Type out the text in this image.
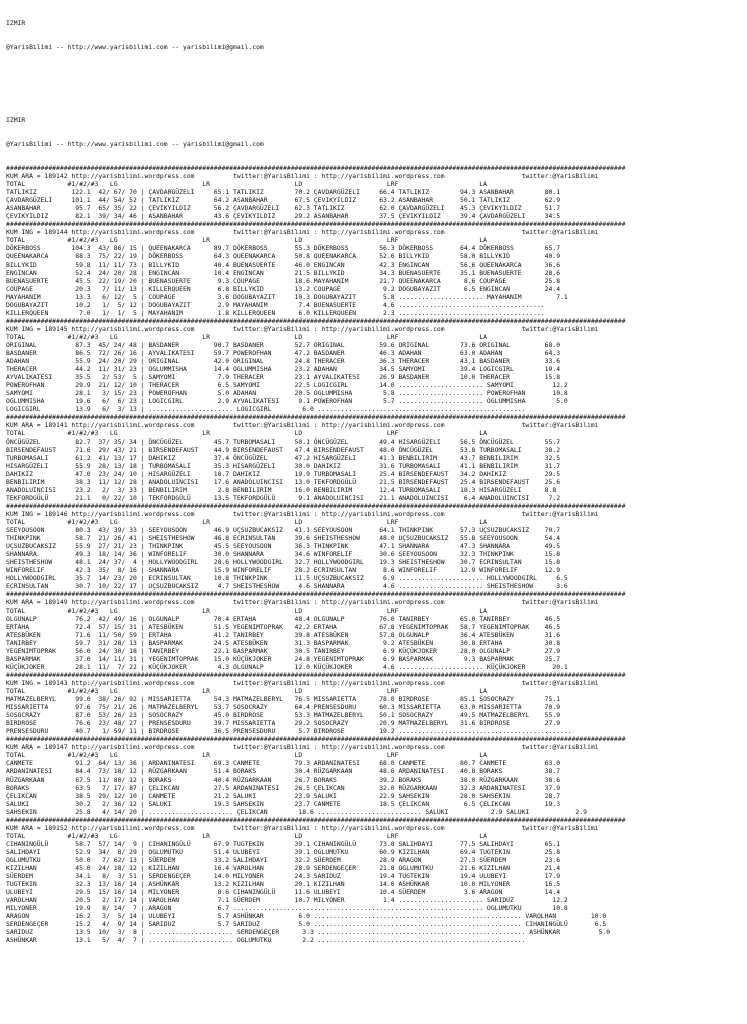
IZMIR

@YarisBilimi -- http://www.yarisbilimi.com -- yarisbilimi@gmail.com

IZMIR

@YarisBilimi -- http://www.yarisbilimi.com -- yarisbilimi@gmail.com

#################################################################################################################################################################
KUM ARA = 189142 http://yarisbilimi.wordpress.com          twitter:@YarisBilimi : http://yarisbilimi.wordpress.com                    twitter:@YarisBilimi
TOTAL           #1/#2/#3   LG                      LR                      LD                      LRF                     LA
TATLIKIZ         122.1  42/ 67/ 70 | ÇAVDARGÜZELI     65.1 TATLIKIZ        70.2 ÇAVDARGÜZELI     66.4 TATLIKIZ        94.3 ASANBAHAR        80.1
ÇAVDARGÜZELI     101.1  44/ 54/ 52 | TATLIKIZ         64.2 ASANBAHAR       67.5 ÇEVIKYILDIZ      63.2 ASANBAHAR       50.1 TATLIKIZ         62.9
ASANBAHAR         95.7  65/ 35/ 22 | ÇEVIKYILDIZ      56.2 ÇAVDARGÜZELI    62.3 TATLIKIZ         62.0 ÇAVDARGÜZELI    45.3 ÇEVIKYILDIZ      51.7
ÇEVIKYILDIZ       82.1  39/ 34/ 46 | ASANBAHAR        43.6 ÇEVIKYILDIZ     29.2 ASANBAHAR        37.5 ÇEVIKYILDIZ     39.4 ÇAVDARGÜZELI     34.5
#################################################################################################################################################################
KUM ING = 189144 http://yarisbilimi.wordpress.com          twitter:@YarisBilimi : http://yarisbilimi.wordpress.com                    twitter:@YarisBilimi
TOTAL           #1/#2/#3   LG                      LR                      LD                      LRF                     LA
DÖKERBOSS        104.3  43/ 86/ 15 | QUEENAKARCA      89.7 DÖKERBOSS       55.3 DÖKERBOSS        56.3 DÖKERBOSS       64.4 DÖKERBOSS        65.7
QUEENAKARCA       88.3  75/ 22/ 19 | DÖKERBOSS        64.3 QUEENAKARCA     50.8 QUEENAKARCA      52.6 BILLYKID        58.0 BILLYKID         40.9
BILLYKID          59.8  11/ 11/ 73 | BILLYKID         40.4 BUENASUERTE     46.0 ENGINCAN         42.3 ENGINCAN        56.6 QUEENAKARCA      36.6
ENGINCAN          52.4  24/ 20/ 28 | ENGINCAN         10.4 ENGINCAN        21.5 BILLYKID         34.3 BUENASUERTE     35.1 BUENASUERTE      28.6
BUENASUERTE       45.5  22/ 19/ 20 | BUENASUERTE       9.3 COUPAGE         18.6 MAYAHANIM        21.7 QUEENAKARCA      8.6 COUPAGE          25.8
COUPAGE           20.3   7/ 11/ 13 | KILLERQUEEN       6.8 BILLYKID        13.2 COUPAGE           9.2 DOGUBAYAZIT      6.5 ENGINCAN         24.4
MAYAHANIM         13.3   6/ 12/  5 | COUPAGE           3.6 DOGUBAYAZIT     10.3 DOGUBAYAZIT       5.8 ...................... MAYAHANIM         7.1
DOGUBAYAZIT       10.2   1/  5/ 12 | DOGUBAYAZIT       2.9 MAYAHANIM        7.4 BUENASUERTE       4.6 ......................................
KILLERQUEEN        7.0   1/  1/  5 | MAYAHANIM         1.8 KILLERQUEEN      6.0 KILLERQUEEN       2.3 ......................................
#################################################################################################################################################################
KUM ING = 189145 http://yarisbilimi.wordpress.com          twitter:@YarisBilimi : http://yarisbilimi.wordpress.com                    twitter:@YarisBilimi
TOTAL           #1/#2/#3   LG                      LR                      LD                      LRF                     LA
ORIGINAL          87.3  45/ 24/ 48 | BASDANER         90.7 BASDANER        52.7 ORIGINAL         59.6 ORIGINAL        73.6 ORIGINAL         68.0
BASDANER          86.5  72/ 26/ 16 | AYVALIKATESI     59.7 POWEROFHAN      47.2 BASDANER         46.3 ADAHAN          63.0 ADAHAN           64.3
ADAHAN            55.9  24/ 20/ 29 | ORIGINAL         42.0 ORIGINAL        24.8 THERACER         36.3 THERACER        43.1 BASDANER         33.6
THERACER          44.2  11/ 31/ 23 | OGLUMMISHA       14.4 OGLUMMISHA      23.2 ADAHAN           34.5 SAMYOMI         39.4 LOGICGIRL        19.4
AYVALIKATESI      35.5   2/ 53/  5 | SAMYOMI           7.9 THERACER        23.1 AYVALIKATESI     26.9 BASDANER        10.0 THERACER         15.8
POWEROFHAN        29.9  21/ 12/ 10 | THERACER          6.5 SAMYOMI         22.5 LOGICGIRL        14.0 ...................... SAMYOMI          12.2
SAMYOMI           28.1   3/ 15/ 23 | POWEROFHAN        5.0 ADAHAN          20.5 OGLUMMISHA        5.8 ...................... POWEROFHAN       10.8
OGLUMMISHA        19.6   6/  6/ 23 | LOGICGIRL         2.9 AYVALIKATESI     9.1 POWEROFHAN        5.7 ...................... OGLUMMISHA        5.0
LOGICGIRL         13.9   6/  3/ 13 | ...................... LOGICGIRL        6.0 ......................................................
#################################################################################################################################################################
KUM ARA = 189141 http://yarisbilimi.wordpress.com          twitter:@YarisBilimi : http://yarisbilimi.wordpress.com                    twitter:@YarisBilimi
TOTAL           #1/#2/#3   LG                      LR                      LD                      LRF                     LA
ÖNCÜGÜZEL         82.7  37/ 35/ 34 | ÖNCÜGÜZEL        45.7 TURBOMASALI     50.1 ÖNCÜGÜZEL        49.4 HISARGÜZELI     56.5 ÖNCÜGÜZEL        55.7
BIRSENDEFAUST     71.6  29/ 43/ 21 | BIRSENDEFAUST    44.9 BIRSENDEFAUST   47.4 BIRSENDEFAUST    48.0 ÖNCÜGÜZEL       53.8 TURBOMASALI      38.2
TURBOMASALI       61.2  41/ 13/ 17 | DAHIKIZ          37.4 ÖNCÜGÜZEL       47.2 HISARGÜZELI      41.3 BENBILIRIM      43.7 BENBILIRIM       32.5
HISARGÜZELI       55.9  28/ 13/ 18 | TURBOMASALI      35.3 HISARGÜZELI     30.0 DAHIKIZ          31.6 TURBOMASALI     41.1 BENBILIRIM       31.7
DAHIKIZ           47.0  23/ 24/ 10 | HISARGÜZELI      18.7 DAHIKIZ         19.9 TURBOMASALI      25.4 BIRSENDEFAUST   34.2 DAHIKIZ          29.5
BENBILIRIM        38.3  11/ 12/ 28 | ANADOLUINCISI    17.6 ANADOLUINCISI   13.0 TEKFORDGÜLÜ      21.5 BIRSENDEFAUST   25.4 BIRSENDEFAUST    25.6
ANADOLUINCISI     23.2   2/  3/ 33 | BENBILIRIM        2.8 BENBILIRIM      16.0 BENBILIRIM       12.4 TURBOMASALI     18.3 HISARGÜZELI      8.8
TEKFORDGÜLÜ       21.1   0/ 22/ 10 | TEKFORDGÜLÜ      13.5 TEKFORDGÜLÜ      9.1 ANADOLUINCISI    21.1 ANADOLUINCISI    6.4 ANADOLUINCISI     7.2
#################################################################################################################################################################
KUM ING = 189146 http://yarisbilimi.wordpress.com          twitter:@YarisBilimi : http://yarisbilimi.wordpress.com                    twitter:@YarisBilimi
TOTAL           #1/#2/#3   LG                      LR                      LD                      LRF                     LA
SEEYOUSOON        80.3  43/ 39/ 33 | SEEYOUSOON       46.9 UÇSUZBUCAKSIZ   41.1 SEEYOUSOON       64.1 THINKPINK       57.3 UÇSUZBUCAKSIZ    70.7
THINKPINK         58.7  21/ 26/ 41 | SHEISTHESHOW     46.8 ECRINSULTAN     39.6 SHEISTHESHOW     48.0 UÇSUZBUCAKSIZ   55.8 SEEYOUSOON       54.4
UÇSUZBUCAKSIZ     55.9  27/ 21/ 23 | THINKPINK        45.5 SEEYOUSOON      36.3 THINKPINK        47.1 SHANNARA        47.3 SHANNARA         49.5
SHANNARA          49.3  18/ 14/ 36 | WINFORELIF       30.0 SHANNARA        34.6 WINFORELIF       30.6 SEEYOUSOON      32.3 THINKPINK        15.8
SHEISTHESHOW      48.1  24/ 37/  4 | HOLLYWOODGIRL    28.6 HOLLYWOODGIRL   32.7 HOLLYWOODGIRL    19.3 SHEISTHESHOW    30.7 ECRINSULTAN      15.8
WINFORELIF        42.3  35/  8/ 16 | SHANNARA         15.9 WINFORELIF      28.2 ECRINSULTAN       8.6 WINFORELIF      12.9 WINFORELIF       12.9
HOLLYWOODGIRL     35.7  14/ 23/ 20 | ECRINSULTAN      10.8 THINKPINK       11.5 UÇSUZBUCAKSIZ     6.9 ...................... HOLLYWOODGIRL     6.5
ECRINSULTAN       30.7  10/ 22/ 17 | UÇSUZBUCAKSIZ     4.7 SHEISTHESHOW     4.6 SHANNARA          4.6 ...................... SHEISTHESHOW      3.6
#################################################################################################################################################################
KUM ARA = 189149 http://yarisbilimi.wordpress.com          twitter:@YarisBilimi : http://yarisbilimi.wordpress.com                    twitter:@YarisBilimi
TOTAL           #1/#2/#3   LG                      LR                      LD                      LRF                     LA
OLGUNALP          76.2  42/ 49/ 16 | OLGUNALP         70.4 ERTAHA          48.4 OLGUNALP         76.0 TANIRBEY        65.0 TANIRBEY         46.5
ERTAHA            72.4  57/ 15/ 31 | ATESBÜKEN        51.5 YEGENIMTOPRAK   42.2 ERTAHA           67.8 YEGENIMTOPRAK   58.7 YEGENIMTOPRAK    46.5
ATESBÜKEN         71.6  11/ 50/ 59 | ERTAHA           41.2 TANIRBEY        39.8 ATESBÜKEN        57.8 OLGUNALP        36.4 ATESBÜKEN        31.6
TANIRBEY          59.7  31/ 28/ 13 | BASPARMAK        24.5 ATESBÜKEN       31.3 BASPARMAK         9.2 ATESBÜKEN       30.8 ERTAHA           30.8
YEGENIMTOPRAK     56.0  24/ 30/ 18 | TANIRBEY         22.1 BASPARMAK       30.5 TANIRBEY          6.9 KÜÇÜKJOKER      28.0 OLGUNALP         27.9
BASPARMAK         37.0  14/ 11/ 31 | YEGENIMTOPRAK    15.0 KÜÇÜKJOKER      24.8 YEGENIMTOPRAK     6.9 BASPARMAK        9.3 BASPARMAK        25.7
KÜÇÜKJOKER        28.1  11/  7/ 22 | KÜÇÜKJOKER        4.3 OLGUNALP        12.0 KÜÇÜKJOKER        4.6 ...................... KÜÇÜKJOKER       20.1
#################################################################################################################################################################
KUM ING = 189143 http://yarisbilimi.wordpress.com          twitter:@YarisBilimi : http://yarisbilimi.wordpress.com                    twitter:@YarisBilimi
TOTAL           #1/#2/#3   LG                      LR                      LD                      LRF                     LA
MATMAZELBERYL     99.0  38/ 26/ 92 | MISSARIETTA      54.3 MATMAZELBERYL   76.5 MISSARIETTA      78.0 BIRDROSE        85.1 SOSOCRAZY        75.1
MISSARIETTA       97.6  75/ 21/ 26 | MATMAZELBERYL    53.7 SOSOCRAZY       64.4 PRENSESDURU      60.3 MISSARIETTA     63.0 MISSARIETTA      70.9
SOSOCRAZY         87.0  53/ 26/ 23 | SOSOCRAZY        45.0 BIRDROSE        53.3 MATMAZELBERYL    50.1 SOSOCRAZY       49.5 MATMAZELBERYL    55.9
BIRDROSE          76.6  23/ 48/ 27 | PRENSESDURU      39.7 MISSARIETTA     29.2 SOSOCRAZY        20.9 MATMAZELBERYL   31.6 BIRDROSE         27.9
PRENSESDURU       40.7   1/ 59/ 11 | BIRDROSE         36.5 PRENSESDURU      5.7 BIRDROSE         19.2 .............................................
#################################################################################################################################################################
KUM ARA = 189147 http://yarisbilimi.wordpress.com          twitter:@YarisBilimi : http://yarisbilimi.wordpress.com                    twitter:@YarisBilimi
TOTAL           #1/#2/#3   LG                      LR                      LD                      LRF                     LA
CANMETE           91.2  64/ 13/ 36 | ARDANINATESI     69.3 CANMETE         79.3 ARDANINATESI     68.0 CANMETE         80.7 CANMETE          63.0
ARDANINATESI      84.4  73/ 18/ 12 | RÜZGARKAAN       51.4 BORAKS          30.4 RÜZGARKAAN       48.6 ARDANINATESI    40.8 BORAKS           38.7
RÜZGARKAAN        67.5  11/ 80/ 12 | BORAKS           40.4 RÜZGARKAAN      26.7 BORAKS           39.2 BORAKS          38.0 RÜZGARKAAN       38.6
BORAKS            63.5   7/ 17/ 87 | ÇELIKCAN         27.5 ARDANINATESI    26.5 ÇELIKCAN         32.0 RÜZGARKAAN      32.3 ARDANINATESI     37.9
ÇELIKCAN          38.5  29/ 12/ 10 | CANMETE          21.2 SALUKI          23.9 SALUKI           22.9 SAHSEKIN        28.0 SAHSEKIN         28.7
SALUKI            30.2   2/ 36/ 12 | SALUKI           19.3 SAHSEKIN        23.7 CANMETE          18.5 ÇELIKCAN         6.5 ÇELIKCAN         19.3
SAHSEKIN          25.8   4/ 14/ 20 | ...................... ÇELIKCAN        18.6 ........................... SALUKI           2.9 SALUKI            2.9
#################################################################################################################################################################
KUM ARA = 189152 http://yarisbilimi.wordpress.com          twitter:@YarisBilimi : http://yarisbilimi.wordpress.com                    twitter:@YarisBilimi
TOTAL           #1/#2/#3   LG                      LR                      LD                      LRF                     LA
CIHANINGÜLÜ       58.7  57/ 14/  9 | CIHANINGÜLÜ      67.9 TUGTEKIN        39.1 CIHANINGÜLÜ      73.8 SALIHDAYI       77.5 SALIHDAYI        65.1
SALIHDAYI         52.9  34/  8/ 29 | OGLUMUTKU        51.4 ULUBEYI         39.1 OGLUMUTKU        60.9 KIZILHAN        69.4 TUGTEKIN         25.8
OGLUMUTKU         50.0   7/ 62/ 13 | SÜERDEM          33.2 SALIHDAYI       32.2 SÜERDEM          28.9 ARAGON          27.3 SÜERDEM          23.6
KIZILHAN          45.0  24/ 18/ 12 | KIZILHAN         16.4 VAROLHAN        28.9 SERDENGEÇER      21.8 OGLUMUTKU       21.6 KIZILHAN         21.4
SÜERDEM           34.1   8/  3/ 51 | SERDENGEÇER      14.0 MILYONER        24.3 SARIDUZ          19.4 TUGTEKIN        19.4 ULUBEYI          17.9
TUGTEKIN          32.3  13/ 16/ 14 | ASHÜNKAR         13.2 KIZILHAN        20.1 KIZILHAN         14.0 ASHÜNKAR        10.0 MILYONER         16.5
ULUBEYI           29.5  15/ 16/ 14 | MILYONER          8.6 CIHANINGÜLÜ     11.6 ULUBEYI          10.4 SÜERDEM          3.6 ARAGON           14.4
VAROLHAN          20.5   2/ 17/ 14 | VAROLHAN          7.1 SÜERDEM         10.7 MILYONER          1.4 ...................... SARIDUZ          12.2
MILYONER          19.9   8/ 14/  7 | ARAGON            6.7 ................................................................. OGLUMUTKU        10.8
ARAGON            16.2   3/  5/ 14 | ULUBEYI           5.7 ASHÜNKAR         6.0 ...................................................... VAROLHAN         10.0
SERDENGEÇER       15.2   4/  9/ 14 | SARIDUZ           5.7 SARIDUZ          5.0 ...................................................... CIHANINGÜLÜ       6.5
SARIDUZ           13.5  10/  3/  8 | ...................... SERDENGEÇER      3.3 ...................................................... ASHÜNKAR          5.0
ASHÜNKAR          13.1   5/  4/  7 | ...................... OGLUMUTKU        2.2 ......................................................
